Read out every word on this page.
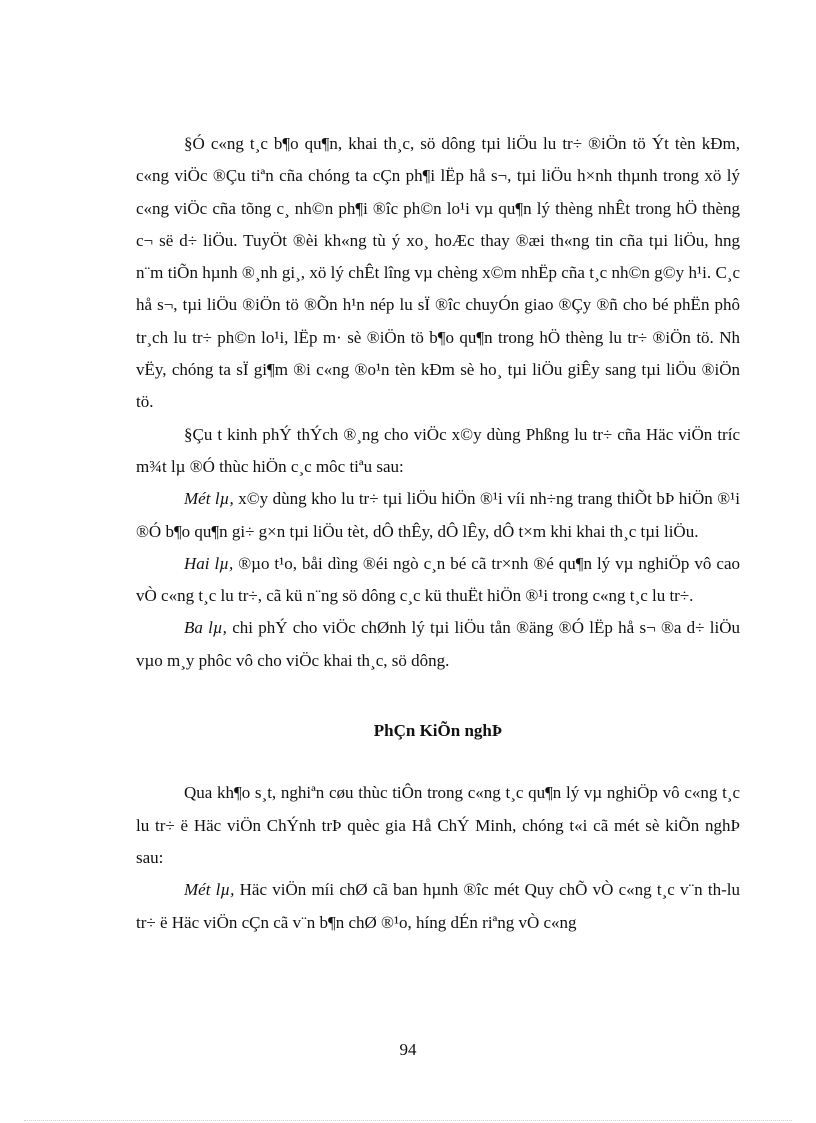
§Ó c«ng t¸c b¶o qu¶n, khai th¸c, sö dông tµi liÖu lu tr÷ ®iÖn tö Ýt tèn kÐm, c«ng viÖc ®Çu tiªn cña chóng ta cÇn ph¶i lËp hå s¬, tµi liÖu h×nh thµnh trong xö lý c«ng viÖc cña tõng c¸ nh©n ph¶i ®îc ph©n lo¹i vµ qu¶n lý thèng nhÊt trong hÖ thèng c¬ së d÷ liÖu. TuyÖt ®èi kh«ng tù ý xo¸ hoÆc thay ®æi th«ng tin cña tµi liÖu, hng n¨m tiÕn hµnh ®¸nh gi¸, xö lý chÊt lîng vµ chèng x©m nhËp cña t¸c nh©n g©y h¹i. C¸c hå s¬, tµi liÖu ®iÖn tö ®Õn h¹n nép lu sÏ ®îc chuyÓn giao ®Çy ®ñ cho bé phËn phô tr¸ch lu tr÷ ph©n lo¹i, lËp m· sè ®iÖn tö b¶o qu¶n trong hÖ thèng lu tr÷ ®iÖn tö. Nh vËy, chóng ta sÏ gi¶m ®i c«ng ®o¹n tèn kÐm sè ho¸ tµi liÖu giÊy sang tµi liÖu ®iÖn tö.

§Çu t kinh phÝ thÝch ®¸ng cho viÖc x©y dùng Phßng lu tr÷ cña Häc viÖn tríc m¾t lµ ®Ó thùc hiÖn c¸c môc tiªu sau:

Mét lµ, x©y dùng kho lu tr÷ tµi liÖu hiÖn ®¹i víi nh÷ng trang thiÕt bÞ hiÖn ®¹i ®Ó b¶o qu¶n gi÷ g×n tµi liÖu tèt, dÔ thÊy, dÔ lÊy, dÔ t×m khi khai th¸c tµi liÖu.

Hai lµ, ®µo t¹o, båi dìng ®éi ngò c¸n bé cã tr×nh ®é qu¶n lý vµ nghiÖp vô cao vÒ c«ng t¸c lu tr÷, cã kü n¨ng sö dông c¸c kü thuËt hiÖn ®¹i trong c«ng t¸c lu tr÷.

Ba lµ, chi phÝ cho viÖc chØnh lý tµi liÖu tån ®äng ®Ó lËp hå s¬ ®a d÷ liÖu vµo m¸y phôc vô cho viÖc khai th¸c, sö dông.

PhÇn KiÕn nghÞ

Qua kh¶o s¸t, nghiªn cøu thùc tiÔn trong c«ng t¸c qu¶n lý vµ nghiÖp vô c«ng t¸c lu tr÷ ë Häc viÖn ChÝnh trÞ quèc gia Hå ChÝ Minh, chóng t«i cã mét sè kiÕn nghÞ sau:

Mét lµ, Häc viÖn míi chØ cã ban hµnh ®îc mét Quy chÕ vÒ c«ng t¸c v¨n th-lu tr÷ ë Häc viÖn cÇn cã v¨n b¶n chØ ®¹o, híng dÉn riªng vÒ c«ng

94
